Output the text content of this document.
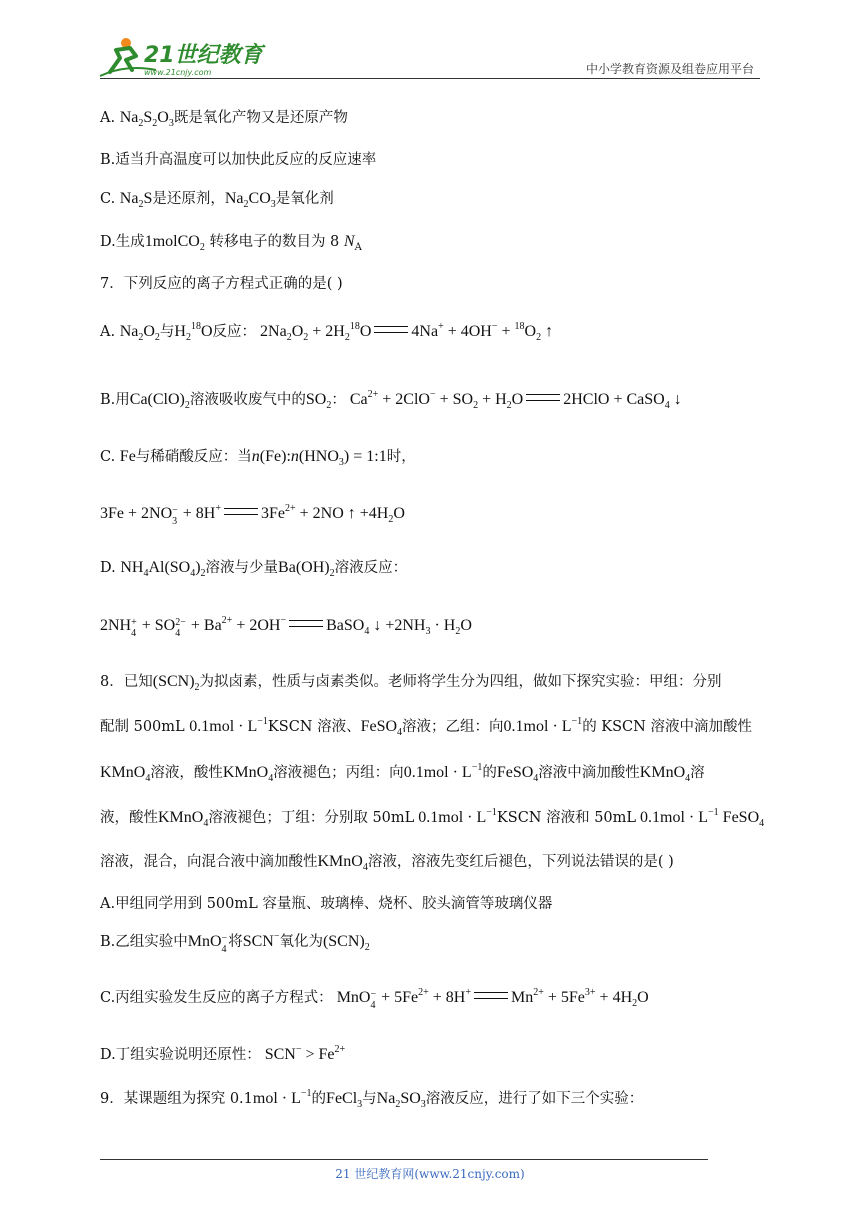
21世纪教育
www.21cnjy.com	中小学教育资源及组卷应用平台
A. $Na_2S_2O_3$既是氧化产物又是还原产物
B.适当升高温度可以加快此反应的反应速率
C. $Na_2S$是还原剂，$Na_2CO_3$是氧化剂
D.生成1molCO$_2$ 转移电子的数目为 8 $N_A$
7．下列反应的离子方程式正确的是( )
A. $Na_2O_2$与$H_2^{18}O$反应： $2Na_2O_2 + 2H_2^{18}O$	$4Na^+ + 4OH^- + ^{18}O_2$ ↑
B.用$Ca(ClO)_2$溶液吸收废气中的$SO_2$： $Ca^{2+} + 2ClO^- + SO_2 + H_2O$	2HClO + CaSO$_4$ ↓
C. Fe与稀硝酸反应：当$n(Fe):n(HNO_3)$ = 1:1时，
3Fe + 2NO −
3 + 8H+	$3Fe^{2+} + 2NO$ ↑ $+4H_2O$
D. $NH_4Al(SO_4)_2$溶液与少量$Ba(OH)_2$溶液反应：
2NH +
4 + SO 2−
$4 + Ba^{2+} + 2OH^-$	BaSO$_4$ ↓ $+2NH_3 \cdot H_2O$
8．已知$(SCN)_2$为拟卤素，性质与卤素类似。老师将学生分为四组，做如下探究实验：甲组：分别
配制 500mL $0.1mol \cdot L^{-1}KSCN$ 溶液、FeSO$_4$溶液；乙组：向$0.1mol \cdot L^{-1}$的 KSCN 溶液中滴加酸性
KMnO$_4$溶液，酸性KMnO$_4$溶液褪色；丙组：向$0.1mol \cdot L^{-1}$的FeSO$_4$溶液中滴加酸性KMnO$_4$溶
液，酸性KMnO$_4$溶液褪色；丁组：分别取 50mL $0.1mol \cdot L^{-1}KSCN$ 溶液和 50mL $0.1mol \cdot L^{-1}$ FeSO$_4$
溶液，混合，向混合液中滴加酸性KMnO$_4$溶液，溶液先变红后褪色，下列说法错误的是( )
A.甲组同学用到 500mL 容量瓶、玻璃棒、烧杯、胶头滴管等玻璃仪器
B.乙组实验中MnO −
4 将SCN−氧化为$(SCN)_2$
C.丙组实验发生反应的离子方程式： MnO −
$4 + 5Fe^{2+} + 8H^+$	$Mn^{2+} + 5Fe^{3+} + 4H_2O$
D.丁组实验说明还原性： $SCN^- > Fe^{2+}$
9．某课题组为探究 $0.1mol \cdot L^{-1}$的FeCl$_3$与$Na_2SO_3$溶液反应，进行了如下三个实验：
21 世纪教育网(www.21cnjy.com)
